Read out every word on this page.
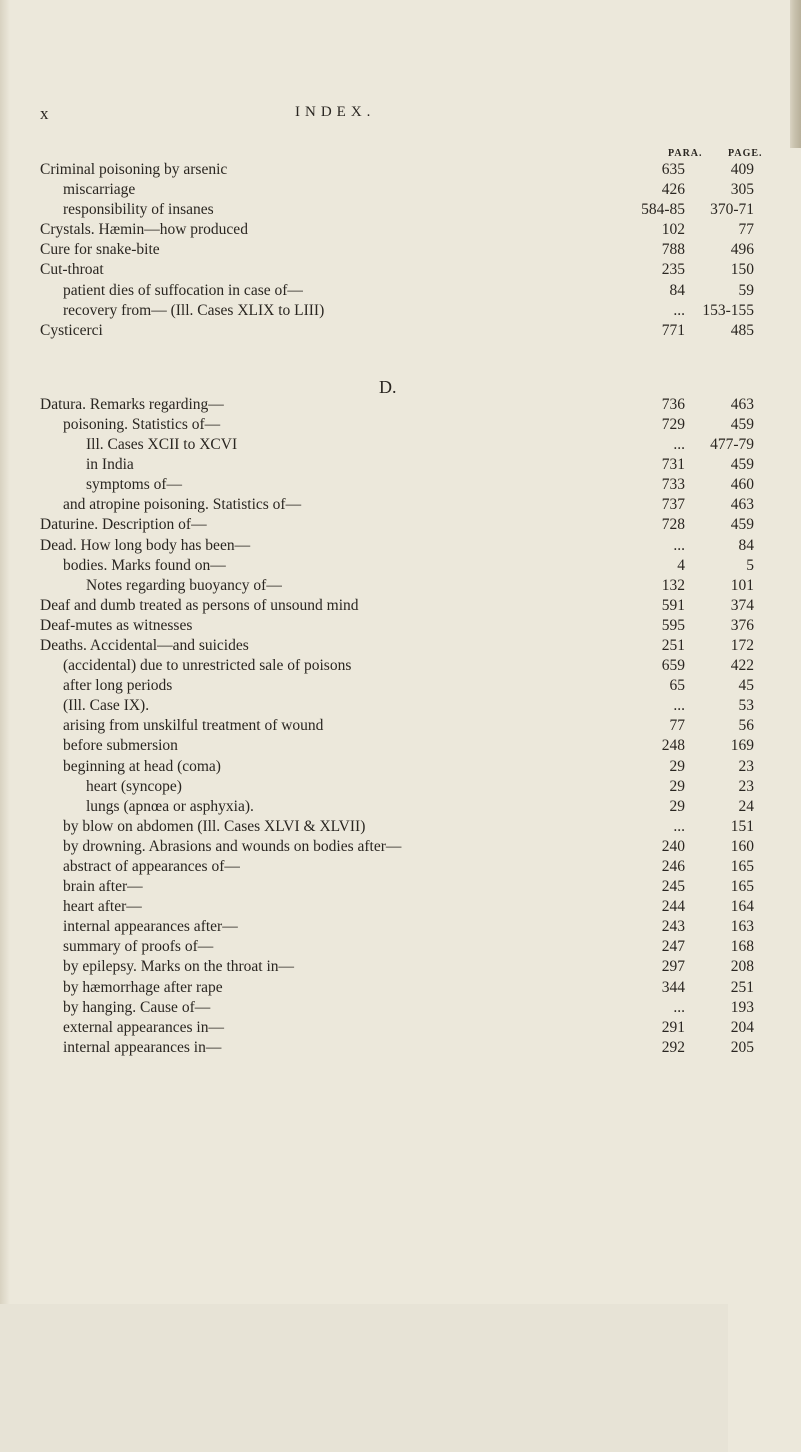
x	INDEX.
PARA.	PAGE.
Criminal poisoning by arsenic	635	409
miscarriage	426	305
responsibility of insanes	584-85 370-71
Crystals. Hæmin—how produced	102	77
Cure for snake-bite	788	496
Cut-throat	235	150
patient dies of suffocation in case of—	84	59
recovery from— (Ill. Cases XLIX to LIII)	... 153-155
Cysticerci	771	485
D.
Datura. Remarks regarding—	736	463
poisoning. Statistics of—	729	459
Ill. Cases XCII to XCVI	... 477-79
in India	731	459
symptoms of—	733	460
and atropine poisoning. Statistics of—	737	463
Daturine. Description of—	728	459
Dead. How long body has been—	...	84
bodies. Marks found on—	4	5
Notes regarding buoyancy of—	132	101
Deaf and dumb treated as persons of unsound mind	591	374
Deaf-mutes as witnesses	595	376
Deaths. Accidental—and suicides	251	172
(accidental) due to unrestricted sale of poisons	659	422
after long periods	65	45
(Ill. Case IX).	...	53
arising from unskilful treatment of wound	77	56
before submersion	248	169
beginning at head (coma)	29	23
heart (syncope)	29	23
lungs (apnœa or asphyxia).	29	24
by blow on abdomen (Ill. Cases XLVI & XLVII)	...	151
by drowning. Abrasions and wounds on bodies after—	240	160
abstract of appearances of—	246	165
brain after—	245	165
heart after—	244	164
internal appearances after—	243	163
summary of proofs of—	247	168
by epilepsy. Marks on the throat in—	297	208
by hæmorrhage after rape	344	251
by hanging. Cause of—	...	193
external appearances in—	291	204
internal appearances in—	292	205
